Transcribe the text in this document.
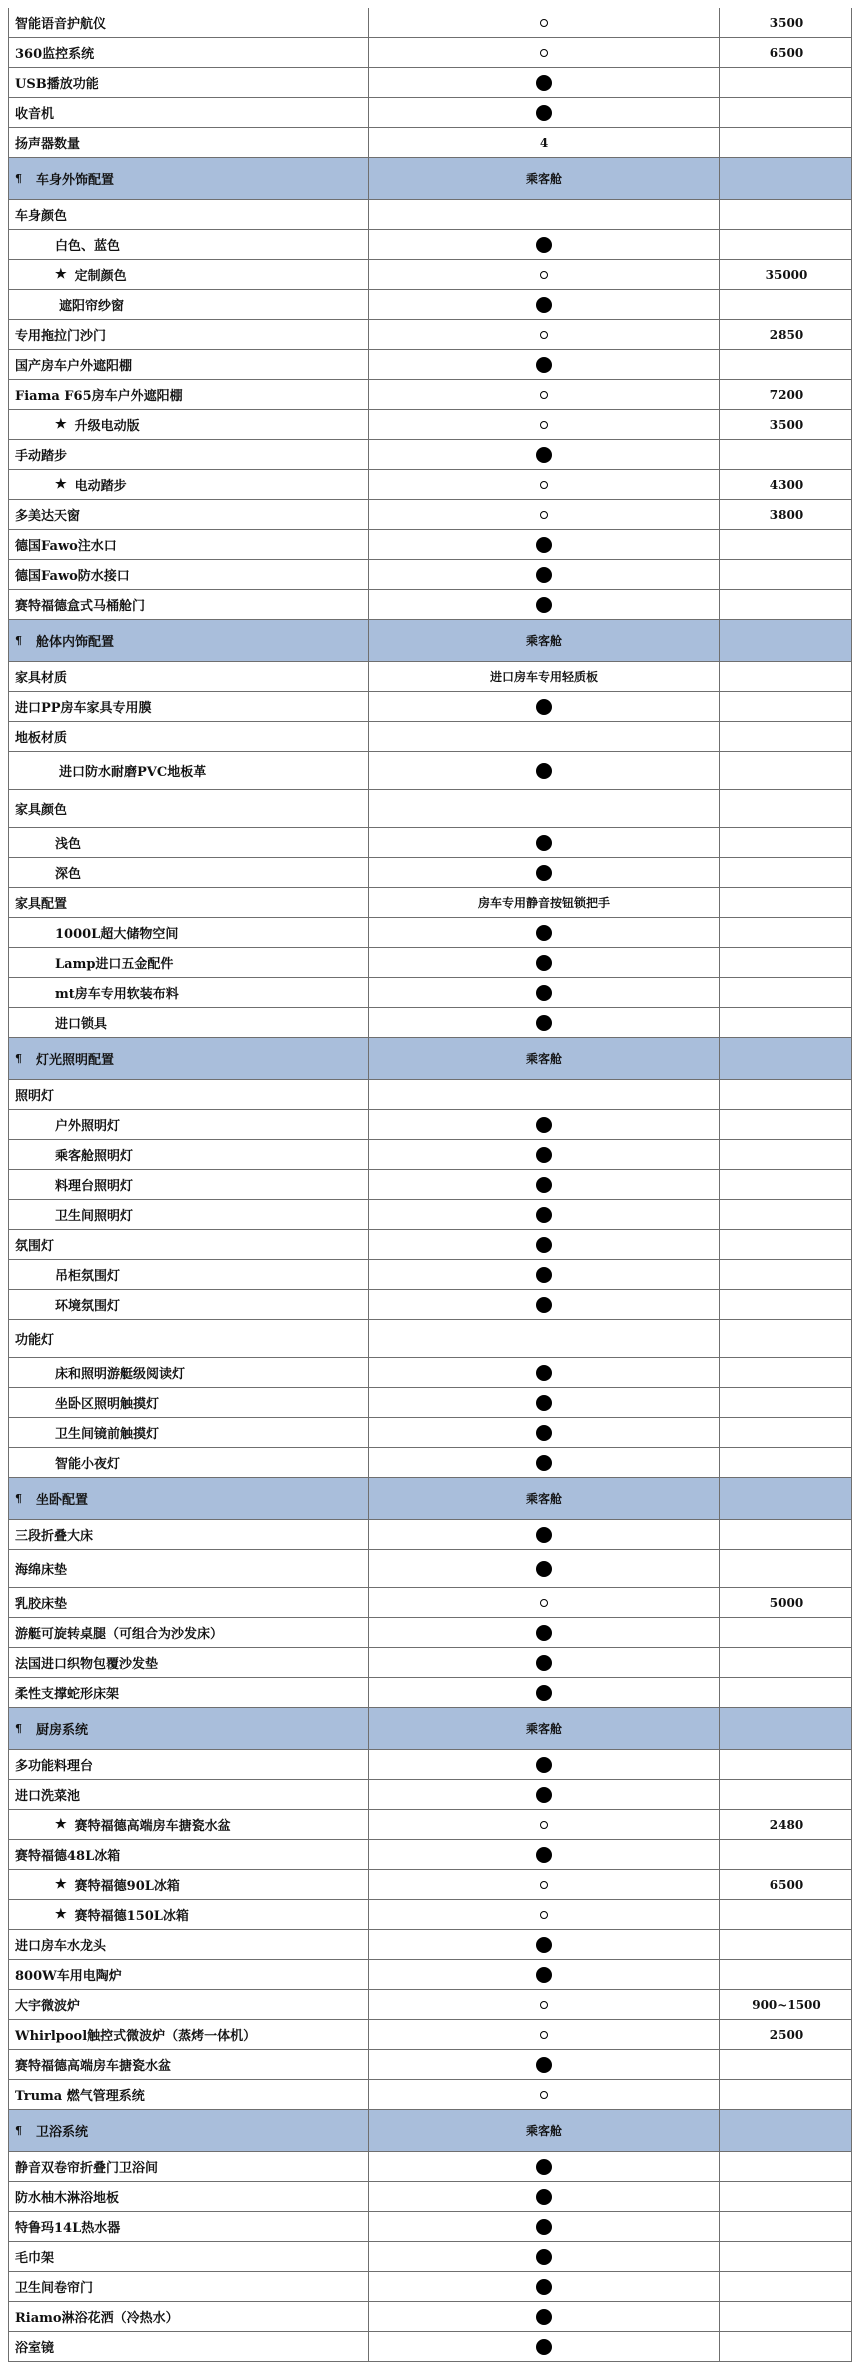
智能语音护航仪	3500
360监控系统	6500
USB播放功能
收音机
扬声器数量	4
¶ 车身外饰配置	乘客舱
车身颜色
白色、蓝色
★ 定制颜色	35000
遮阳帘纱窗
专用拖拉门沙门	2850
国产房车户外遮阳棚
Fiama F65房车户外遮阳棚	7200
★ 升级电动版	3500
手动踏步
★ 电动踏步	4300
多美达天窗	3800
德国Fawo注水口
德国Fawo防水接口
赛特福德盒式马桶舱门
¶ 舱体内饰配置	乘客舱
家具材质	进口房车专用轻质板
进口PP房车家具专用膜
地板材质
进口防水耐磨PVC地板革
家具颜色
浅色
深色
家具配置	房车专用静音按钮锁把手
1000L超大储物空间
Lamp进口五金配件
mt房车专用软装布料
进口锁具
¶ 灯光照明配置	乘客舱
照明灯
户外照明灯
乘客舱照明灯
料理台照明灯
卫生间照明灯
氛围灯
吊柜氛围灯
环境氛围灯
功能灯
床和照明游艇级阅读灯
坐卧区照明触摸灯
卫生间镜前触摸灯
智能小夜灯
¶ 坐卧配置	乘客舱
三段折叠大床
海绵床垫
乳胶床垫	5000
游艇可旋转桌腿（可组合为沙发床）
法国进口织物包覆沙发垫
柔性支撑蛇形床架
¶ 厨房系统	乘客舱
多功能料理台
进口洗菜池
★ 赛特福德高端房车搪瓷水盆	2480
赛特福德48L冰箱
★ 赛特福德90L冰箱	6500
★ 赛特福德150L冰箱
进口房车水龙头
800W车用电陶炉
大宇微波炉	900~1500
Whirlpool触控式微波炉（蒸烤一体机）	2500
赛特福德高端房车搪瓷水盆
Truma 燃气管理系统
¶ 卫浴系统	乘客舱
静音双卷帘折叠门卫浴间
防水柚木淋浴地板
特鲁玛14L热水器
毛巾架
卫生间卷帘门
Riamo淋浴花洒（冷热水）
浴室镜
